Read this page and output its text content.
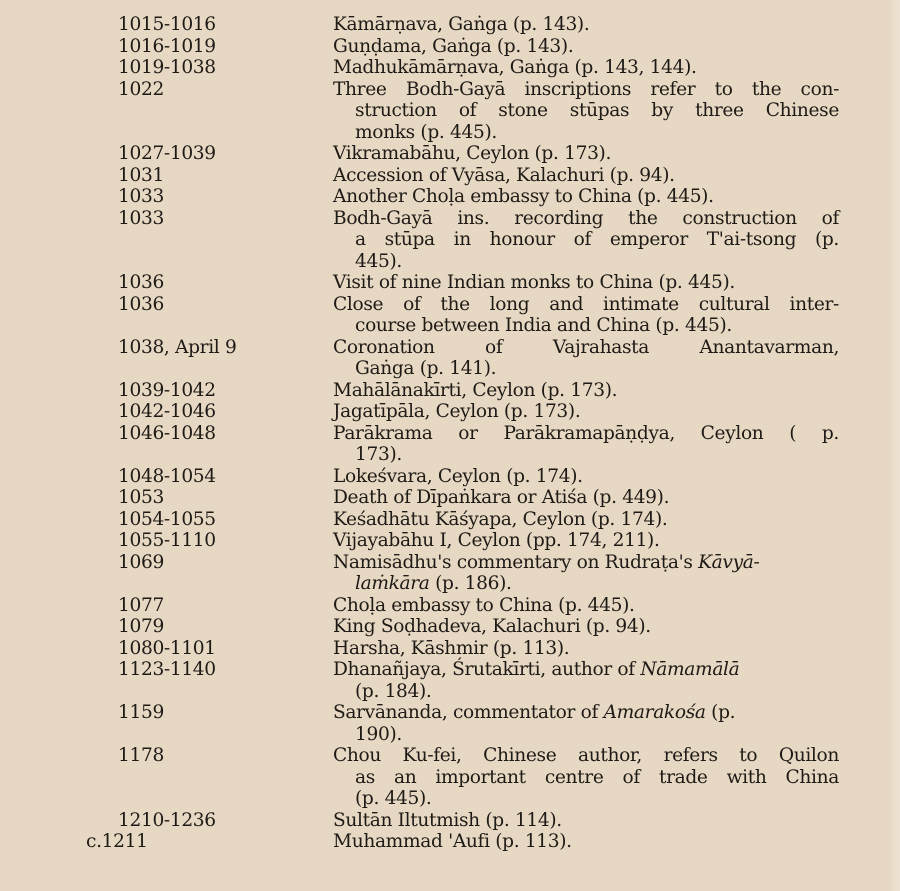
1015-1016	Kāmārṇava, Gaṅga (p. 143).
1016-1019	Guṇḍama, Gaṅga (p. 143).
1019-1038	Madhukāmārṇava, Gaṅga (p. 143, 144).
1022	Three Bodh-Gayā inscriptions refer to the con-
struction of stone stūpas by three Chinese
monks (p. 445).
1027-1039	Vikramabāhu, Ceylon (p. 173).
1031	Accession of Vyāsa, Kalachuri (p. 94).
1033	Another Choḷa embassy to China (p. 445).
1033	Bodh-Gayā ins. recording the construction of
a stūpa in honour of emperor T'ai-tsong (p.
445).
1036	Visit of nine Indian monks to China (p. 445).
1036	Close of the long and intimate cultural inter-
course between India and China (p. 445).
1038, April 9	Coronation of Vajrahasta Anantavarman,
Gaṅga (p. 141).
1039-1042	Mahālānakīrti, Ceylon (p. 173).
1042-1046	Jagatīpāla, Ceylon (p. 173).
1046-1048	Parākrama or Parākramapāṇḍya, Ceylon ( p.
173).
1048-1054	Lokeśvara, Ceylon (p. 174).
1053	Death of Dīpaṅkara or Atiśa (p. 449).
1054-1055	Keśadhātu Kāśyapa, Ceylon (p. 174).
1055-1110	Vijayabāhu I, Ceylon (pp. 174, 211).
1069	Namisādhu's commentary on Rudraṭa's Kāvyā-
laṁkāra (p. 186).
1077	Choḷa embassy to China (p. 445).
1079	King Soḍhadeva, Kalachuri (p. 94).
1080-1101	Harsha, Kāshmir (p. 113).
1123-1140	Dhanañjaya, Śrutakīrti, author of Nāmamālā
(p. 184).
1159	Sarvānanda, commentator of Amarakośa (p.
190).
1178	Chou Ku-fei, Chinese author, refers to Quilon
as an important centre of trade with China
(p. 445).
1210-1236	Sultān Iltutmish (p. 114).
c.1211	Muhammad 'Aufi (p. 113).
